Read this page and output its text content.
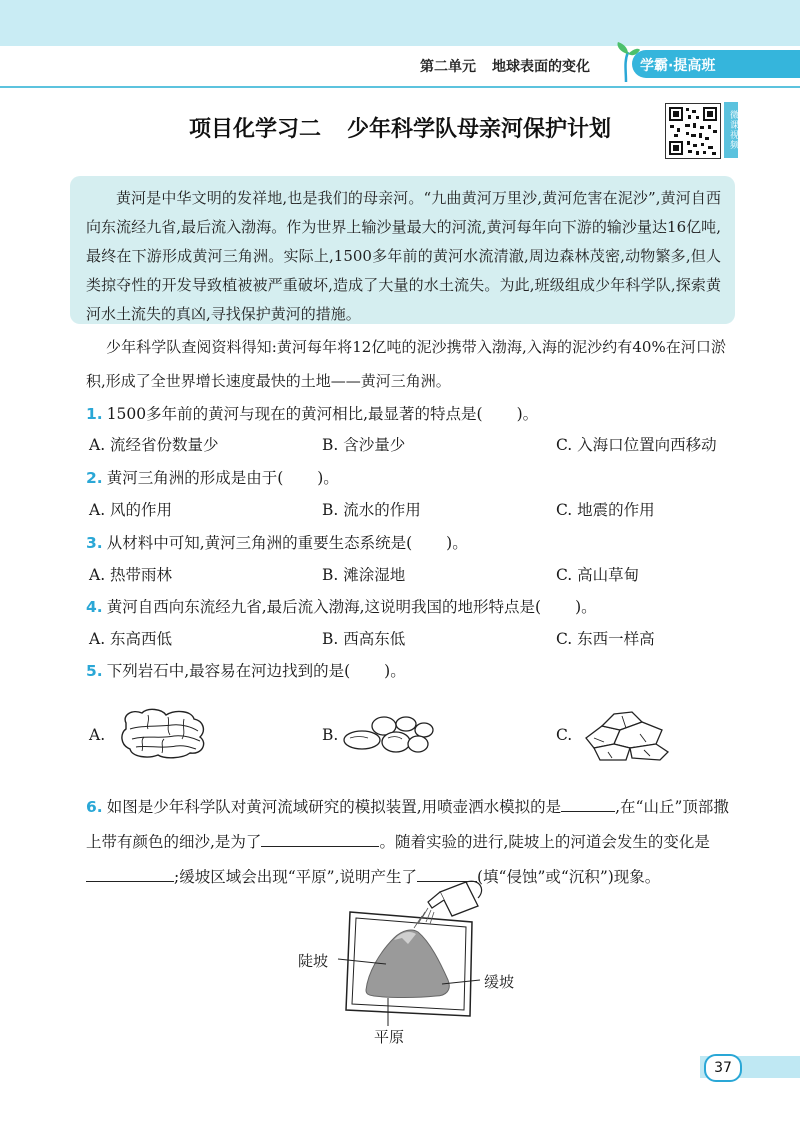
第二单元 地球表面的变化	学霸·提高班
项目化学习二 少年科学队母亲河保护计划	微课视频
黄河是中华文明的发祥地,也是我们的母亲河。“九曲黄河万里沙,黄河危害在泥沙”,黄河自西向东流经九省,最后流入渤海。作为世界上输沙量最大的河流,黄河每年向下游的输沙量达16亿吨,最终在下游形成黄河三角洲。实际上,1500多年前的黄河水流清澈,周边森林茂密,动物繁多,但人类掠夺性的开发导致植被被严重破坏,造成了大量的水土流失。为此,班级组成少年科学队,探索黄河水土流失的真凶,寻找保护黄河的措施。
少年科学队查阅资料得知:黄河每年将12亿吨的泥沙携带入渤海,入海的泥沙约有40%在河口淤积,形成了全世界增长速度最快的土地——黄河三角洲。
1. 1500多年前的黄河与现在的黄河相比,最显著的特点是( )。
A. 流经省份数量少	B. 含沙量少	C. 入海口位置向西移动
2. 黄河三角洲的形成是由于( )。
A. 风的作用	B. 流水的作用	C. 地震的作用
3. 从材料中可知,黄河三角洲的重要生态系统是( )。
A. 热带雨林	B. 滩涂湿地	C. 高山草甸
4. 黄河自西向东流经九省,最后流入渤海,这说明我国的地形特点是( )。
A. 东高西低	B. 西高东低	C. 东西一样高
5. 下列岩石中,最容易在河边找到的是( )。
A.	B.	C.
6. 如图是少年科学队对黄河流域研究的模拟装置,用喷壶洒水模拟的是	,在“山丘”顶部撒上带有颜色的细沙,是为了	。随着实验的进行,陡坡上的河道会发生的变化是;缓坡区域会出现“平原”,说明产生了	(填“侵蚀”或“沉积”)现象。
陡坡
缓坡
平原
37
